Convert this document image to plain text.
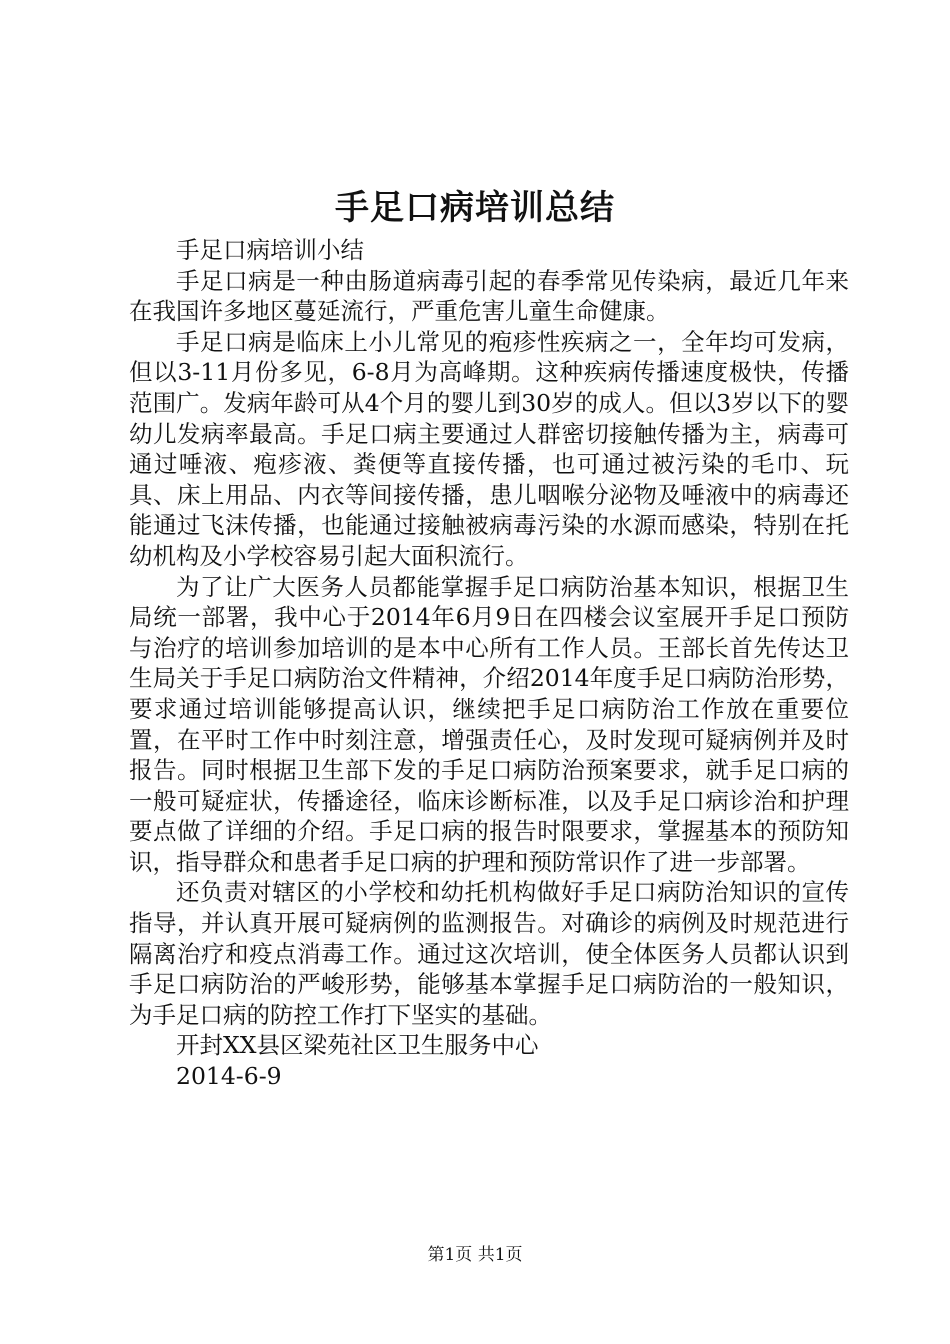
手足口病培训总结

手足口病培训小结

手足口病是一种由肠道病毒引起的春季常见传染病，最近几年来在我国许多地区蔓延流行，严重危害儿童生命健康。

手足口病是临床上小儿常见的疱疹性疾病之一，全年均可发病，但以3-11月份多见，6-8月为高峰期。这种疾病传播速度极快，传播范围广。发病年龄可从4个月的婴儿到30岁的成人。但以3岁以下的婴幼儿发病率最高。手足口病主要通过人群密切接触传播为主，病毒可通过唾液、疱疹液、粪便等直接传播，也可通过被污染的毛巾、玩具、床上用品、内衣等间接传播，患儿咽喉分泌物及唾液中的病毒还能通过飞沫传播，也能通过接触被病毒污染的水源而感染，特别在托幼机构及小学校容易引起大面积流行。

为了让广大医务人员都能掌握手足口病防治基本知识，根据卫生局统一部署，我中心于2014年6月9日在四楼会议室展开手足口预防与治疗的培训参加培训的是本中心所有工作人员。王部长首先传达卫生局关于手足口病防治文件精神，介绍2014年度手足口病防治形势，要求通过培训能够提高认识，继续把手足口病防治工作放在重要位置，在平时工作中时刻注意，增强责任心，及时发现可疑病例并及时报告。同时根据卫生部下发的手足口病防治预案要求，就手足口病的一般可疑症状，传播途径，临床诊断标准，以及手足口病诊治和护理要点做了详细的介绍。手足口病的报告时限要求，掌握基本的预防知识，指导群众和患者手足口病的护理和预防常识作了进一步部署。

还负责对辖区的小学校和幼托机构做好手足口病防治知识的宣传指导，并认真开展可疑病例的监测报告。对确诊的病例及时规范进行隔离治疗和疫点消毒工作。通过这次培训，使全体医务人员都认识到手足口病防治的严峻形势，能够基本掌握手足口病防治的一般知识，为手足口病的防控工作打下坚实的基础。

开封XX县区梁苑社区卫生服务中心

2014-6-9

第1页 共1页
